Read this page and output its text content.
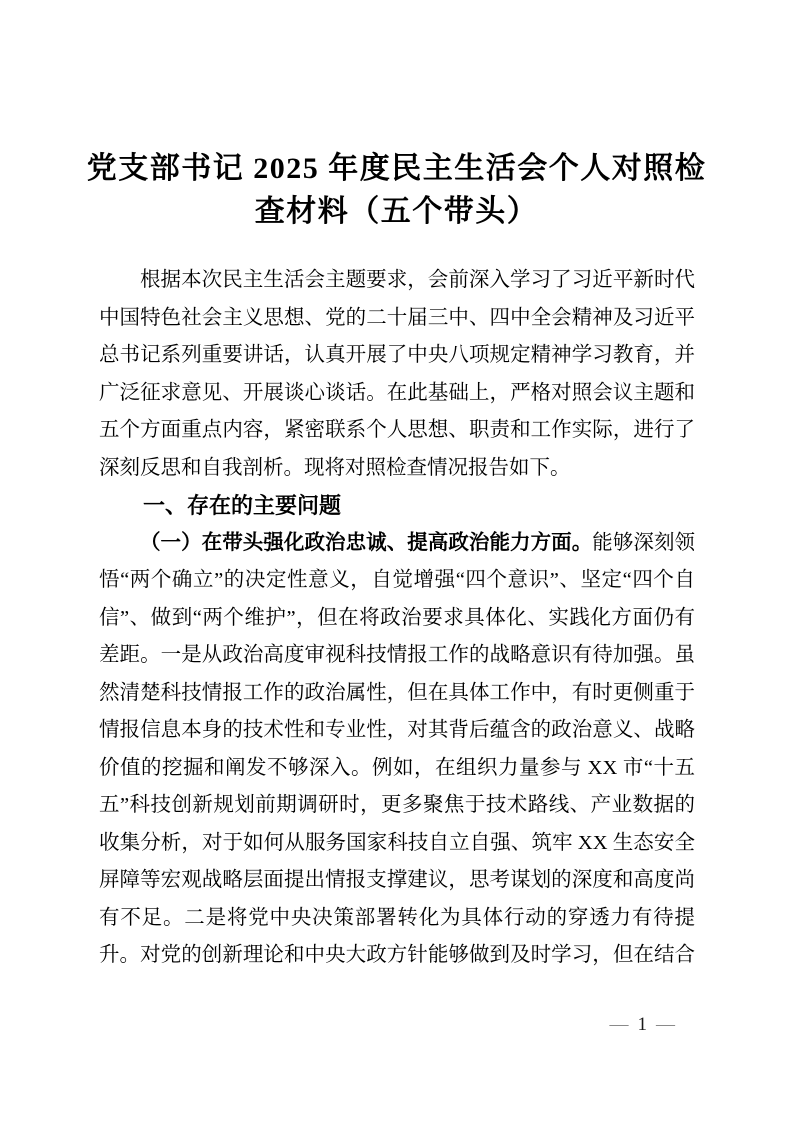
党支部书记 2025 年度民主生活会个人对照检
查材料（五个带头）
根据本次民主生活会主题要求，会前深入学习了习近平新时代
中国特色社会主义思想、党的二十届三中、四中全会精神及习近平
总书记系列重要讲话，认真开展了中央八项规定精神学习教育，并
广泛征求意见、开展谈心谈话。在此基础上，严格对照会议主题和
五个方面重点内容，紧密联系个人思想、职责和工作实际，进行了
深刻反思和自我剖析。现将对照检查情况报告如下。
一、存在的主要问题
（一）在带头强化政治忠诚、提高政治能力方面。能够深刻领
悟“两个确立”的决定性意义，自觉增强“四个意识”、坚定“四个自
信”、做到“两个维护”，但在将政治要求具体化、实践化方面仍有
差距。一是从政治高度审视科技情报工作的战略意识有待加强。虽
然清楚科技情报工作的政治属性，但在具体工作中，有时更侧重于
情报信息本身的技术性和专业性，对其背后蕴含的政治意义、战略
价值的挖掘和阐发不够深入。例如，在组织力量参与 XX 市“十五
五”科技创新规划前期调研时，更多聚焦于技术路线、产业数据的
收集分析，对于如何从服务国家科技自立自强、筑牢 XX 生态安全
屏障等宏观战略层面提出情报支撑建议，思考谋划的深度和高度尚
有不足。二是将党中央决策部署转化为具体行动的穿透力有待提
升。对党的创新理论和中央大政方针能够做到及时学习，但在结合
— 1 —
